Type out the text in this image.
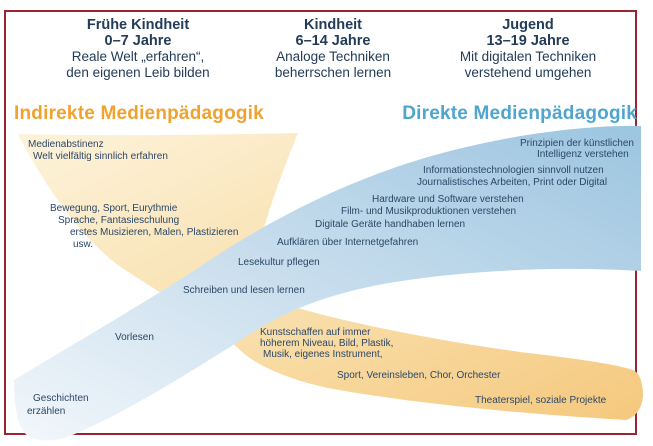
Frühe Kindheit
0–7 Jahre
Reale Welt „erfahren“,
den eigenen Leib bilden
Kindheit
6–14 Jahre
Analoge Techniken
beherrschen lernen
Jugend
13–19 Jahre
Mit digitalen Techniken
verstehend umgehen
Indirekte Medienpädagogik	Direkte Medienpädagogik
Medienabstinenz
Welt vielfältig sinnlich erfahren
Bewegung, Sport, Eurythmie
Sprache, Fantasieschulung
erstes Musizieren, Malen, Plastizieren
usw.
Schreiben und lesen lernen
Lesekultur pflegen
Aufklären über Internetgefahren
Digitale Geräte handhaben lernen
Film- und Musikproduktionen verstehen
Hardware und Software verstehen
Journalistisches Arbeiten, Print oder Digital
Informationstechnologien sinnvoll nutzen
Prinzipien der künstlichen
Intelligenz verstehen
Vorlesen
Geschichten
erzählen
Kunstschaffen auf immer
höherem Niveau, Bild, Plastik,
Musik, eigenes Instrument,
Sport, Vereinsleben, Chor, Orchester
Theaterspiel, soziale Projekte
